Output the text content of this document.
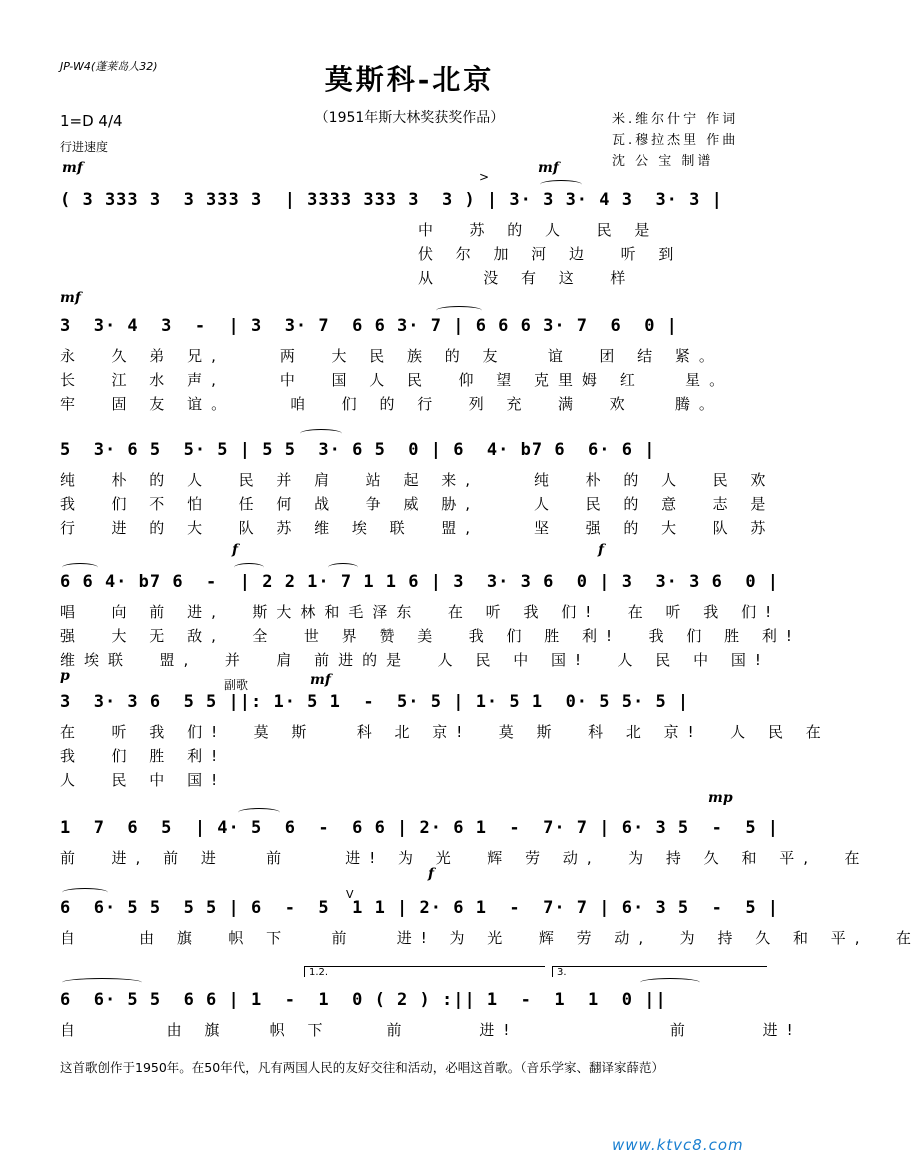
JP-W4(蓬莱岛人32)	莫斯科-北京
（1951年斯大林奖获奖作品）
1=D 4/4
行进速度
米.维尔什宁 作词
瓦.穆拉杰里 作曲
沈 公 宝 制谱
mf	mf
>
( 3 333 3  3 333 3  | 3333 333 3  3 ) | 3· 3 3· 4 3  3· 3 |
中  苏 的 人  民 是
伏 尔 加 河 边  听 到
从   没 有 这  样
mf
3  3· 4  3  -  | 3  3· 7  6 6 3· 7 | 6 6 6 3· 7  6  0 |
永  久 弟 兄,    两  大 民 族 的 友   谊  团 结 紧。
长  江 水 声,    中  国 人 民  仰 望 克里姆 红   星。
牢  固 友 谊。    咱  们 的 行  列 充  满  欢   腾。
5  3· 6 5  5· 5 | 5 5  3· 6 5  0 | 6  4· b7 6  6· 6 |
纯  朴 的 人  民 并 肩  站 起 来,    纯  朴 的 人  民 欢
我  们 不 怕  任 何 战  争 威 胁,    人  民 的 意  志 是
行  进 的 大  队 苏 维 埃 联  盟,    坚  强 的 大  队 苏
f	f
6 6 4· b7 6  -  | 2 2 1· 7 1 1 6 | 3  3· 3 6  0 | 3  3· 3 6  0 |
唱  向 前 进,  斯大林和毛泽东  在 听 我 们!  在 听 我 们!
强  大 无 敌,  全  世 界 赞 美  我 们 胜 利!  我 们 胜 利!
维埃联  盟,  并  肩 前进的是  人 民 中 国!  人 民 中 国!
p
副歌	mf
3  3· 3 6  5 5 ||: 1· 5 1  -  5· 5 | 1· 5 1  0· 5 5· 5 |
在  听 我 们!  莫 斯   科 北 京!  莫 斯  科 北 京!  人 民 在
我  们 胜 利!
人  民 中 国!
mp
1  7  6  5  | 4· 5  6  -  6 6 | 2· 6 1  -  7· 7 | 6· 3 5  -  5 |
前  进, 前 进   前    进! 为 光  辉 劳 动,  为 持 久 和 平,  在
f
V
6  6· 5 5  5 5 | 6  -  5  1 1 | 2· 6 1  -  7· 7 | 6· 3 5  -  5 |
自    由 旗  帜 下   前   进! 为 光  辉 劳 动,  为 持 久 和 平,  在
1.2.	3.
6  6· 5 5  6 6 | 1  -  1  0 ( 2 ) :|| 1  -  1  1  0 ||
自      由 旗   帜 下    前     进!           前     进!
这首歌创作于1950年。在50年代，凡有两国人民的友好交往和活动，必唱这首歌。（音乐学家、翻译家薛范）
www.ktvc8.com
